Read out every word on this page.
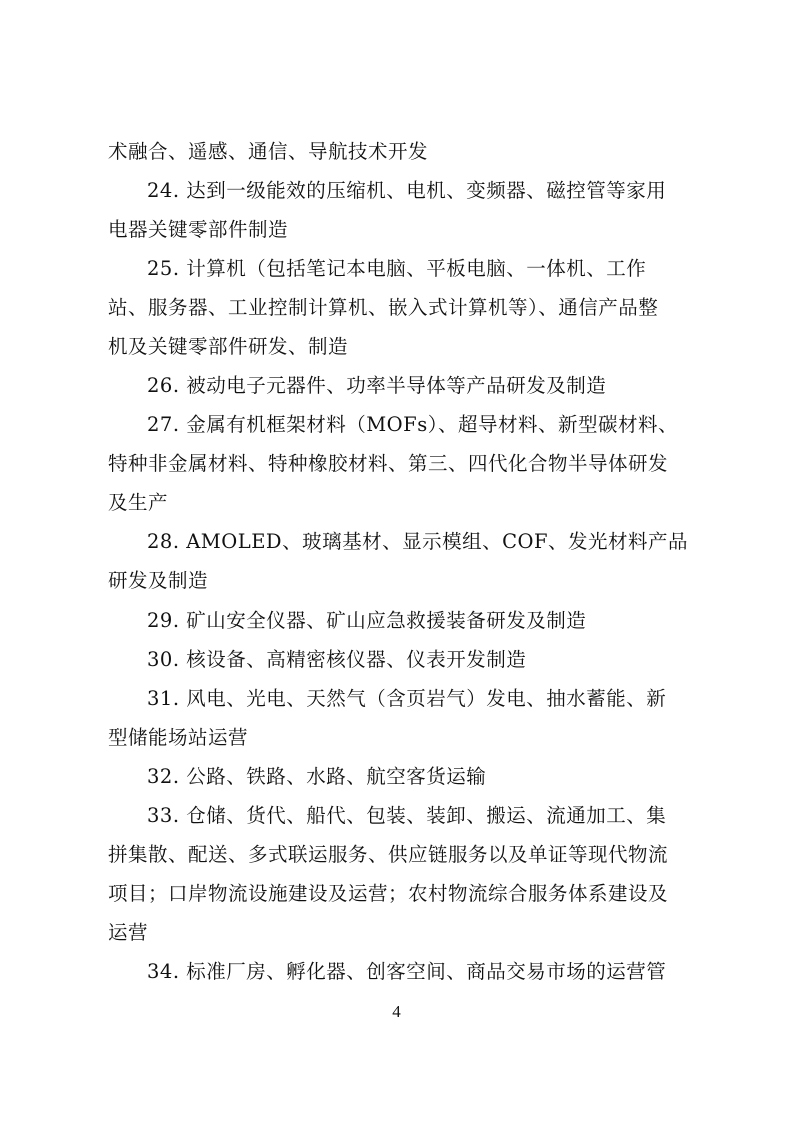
术融合、遥感、通信、导航技术开发
24. 达到一级能效的压缩机、电机、变频器、磁控管等家用
电器关键零部件制造
25. 计算机（包括笔记本电脑、平板电脑、一体机、工作
站、服务器、工业控制计算机、嵌入式计算机等）、通信产品整
机及关键零部件研发、制造
26. 被动电子元器件、功率半导体等产品研发及制造
27. 金属有机框架材料（MOFs）、超导材料、新型碳材料、
特种非金属材料、特种橡胶材料、第三、四代化合物半导体研发
及生产
28. AMOLED、玻璃基材、显示模组、COF、发光材料产品
研发及制造
29. 矿山安全仪器、矿山应急救援装备研发及制造
30. 核设备、高精密核仪器、仪表开发制造
31. 风电、光电、天然气（含页岩气）发电、抽水蓄能、新
型储能场站运营
32. 公路、铁路、水路、航空客货运输
33. 仓储、货代、船代、包装、装卸、搬运、流通加工、集
拼集散、配送、多式联运服务、供应链服务以及单证等现代物流
项目；口岸物流设施建设及运营；农村物流综合服务体系建设及
运营
34. 标准厂房、孵化器、创客空间、商品交易市场的运营管
4
